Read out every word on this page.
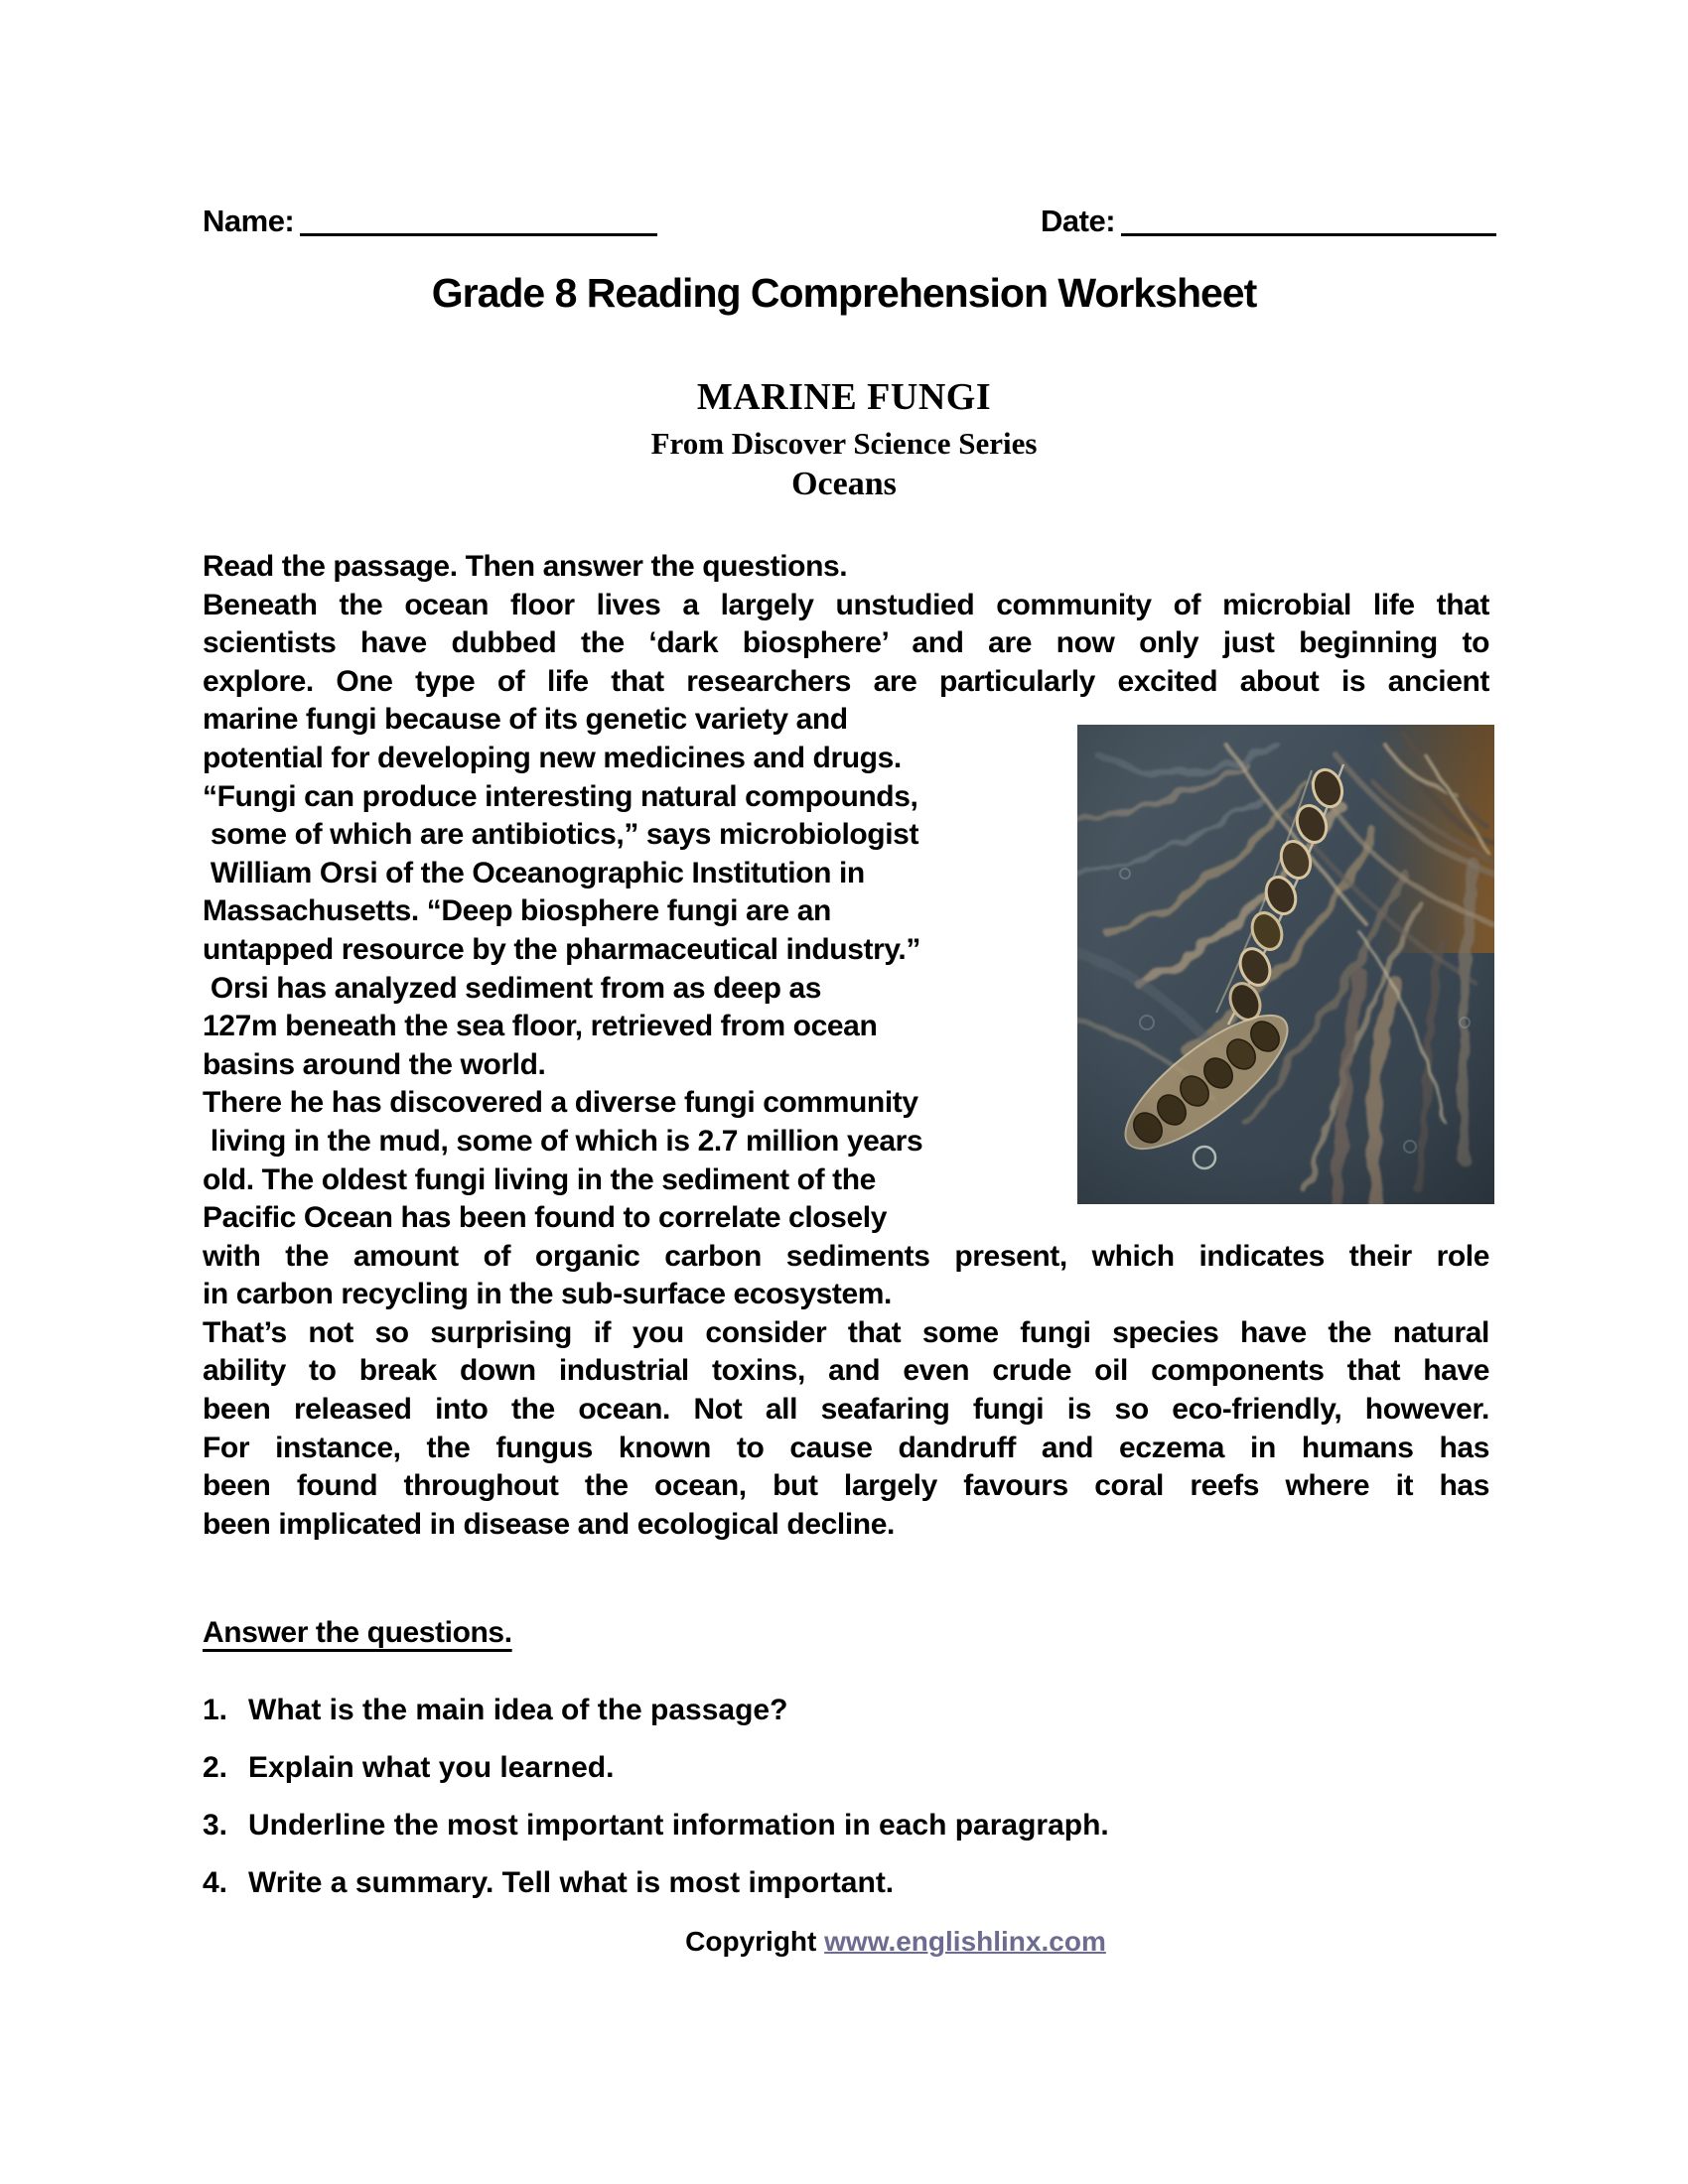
Name:	Date:
Grade 8 Reading Comprehension Worksheet
MARINE FUNGI
From Discover Science Series
Oceans
Read the passage. Then answer the questions.
Beneath the ocean floor lives a largely unstudied community of microbial life that
scientists have dubbed the ‘dark biosphere’ and are now only just beginning to
explore. One type of life that researchers are particularly excited about is ancient
marine fungi because of its genetic variety and
potential for developing new medicines and drugs.
“Fungi can produce interesting natural compounds,
some of which are antibiotics,” says microbiologist
William Orsi of the Oceanographic Institution in
Massachusetts. “Deep biosphere fungi are an
untapped resource by the pharmaceutical industry.”
Orsi has analyzed sediment from as deep as
127m beneath the sea floor, retrieved from ocean
basins around the world.
There he has discovered a diverse fungi community
living in the mud, some of which is 2.7 million years
old. The oldest fungi living in the sediment of the
Pacific Ocean has been found to correlate closely
with the amount of organic carbon sediments present, which indicates their role
in carbon recycling in the sub-surface ecosystem.
That’s not so surprising if you consider that some fungi species have the natural
ability to break down industrial toxins, and even crude oil components that have
been released into the ocean. Not all seafaring fungi is so eco-friendly, however.
For instance, the fungus known to cause dandruff and eczema in humans has
been found throughout the ocean, but largely favours coral reefs where it has
been implicated in disease and ecological decline.
Answer the questions.
1. What is the main idea of the passage?
2. Explain what you learned.
3. Underline the most important information in each paragraph.
4. Write a summary. Tell what is most important.
Copyright www.englishlinx.com
